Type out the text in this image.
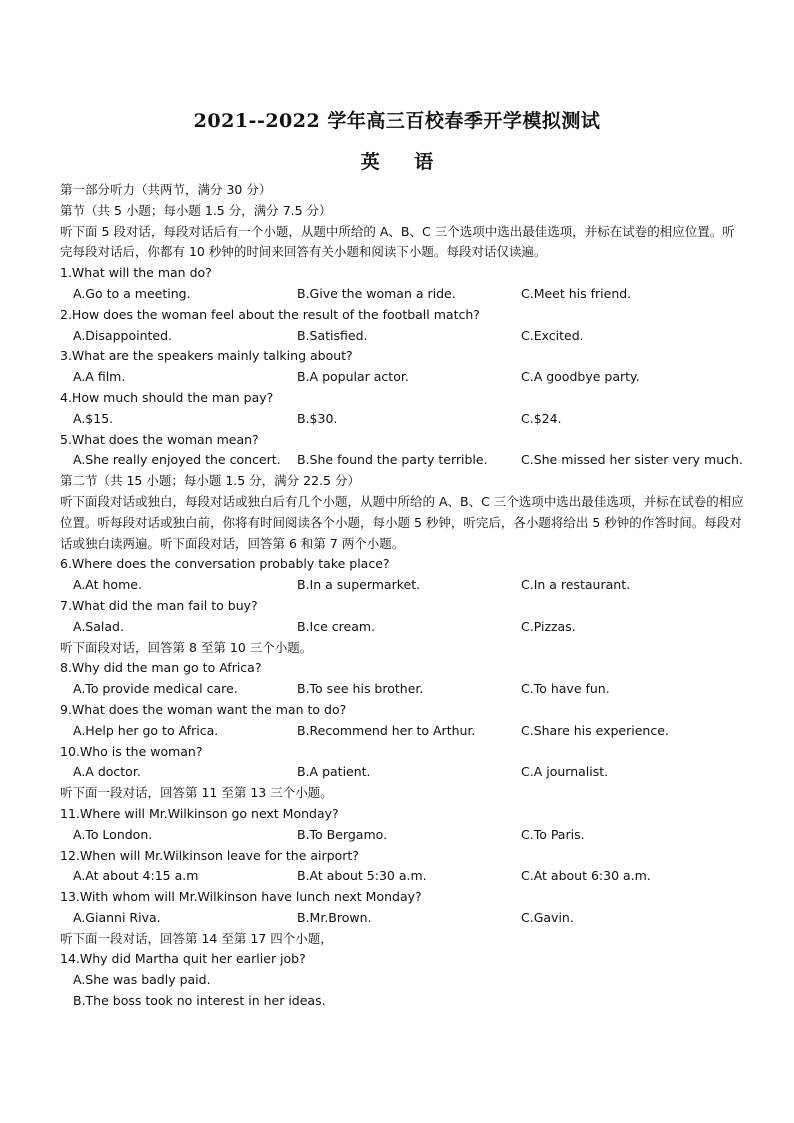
2021--2022 学年高三百校春季开学模拟测试
英 语
第一部分听力（共两节，满分 30 分）
第节（共 5 小题；每小题 1.5 分，满分 7.5 分）
听下面 5 段对话，每段对话后有一个小题，从题中所给的 A、B、C 三个选项中选出最佳选项，并标在试卷的相应位置。听完每段对话后，你都有 10 秒钟的时间来回答有关小题和阅读下小题。每段对话仅读遍。
1.What will the man do?
A.Go to a meeting.	B.Give the woman a ride.	C.Meet his friend.
2.How does the woman feel about the result of the football match?
A.Disappointed.	B.Satisfied.	C.Excited.
3.What are the speakers mainly talking about?
A.A film.	B.A popular actor.	C.A goodbye party.
4.How much should the man pay?
A.$15.	B.$30.	C.$24.
5.What does the woman mean?
A.She really enjoyed the concert. B.She found the party terrible.	C.She missed her sister very much.
第二节（共 15 小题；每小题 1.5 分，满分 22.5 分）
听下面段对话或独白，每段对话或独白后有几个小题，从题中所给的 A、B、C 三个选项中选出最佳选项，并标在试卷的相应位置。听每段对话或独白前，你将有时间阅读各个小题，每小题 5 秒钟，听完后，各小题将给出 5 秒钟的作答时间。每段对话或独白读两遍。听下面段对话，回答第 6 和第 7 两个小题。
6.Where does the conversation probably take place?
A.At home.	B.In a supermarket.	C.In a restaurant.
7.What did the man fail to buy?
A.Salad.	B.Ice cream.	C.Pizzas.
听下面段对话，回答第 8 至第 10 三个小题。
8.Why did the man go to Africa?
A.To provide medical care.	B.To see his brother.	C.To have fun.
9.What does the woman want the man to do?
A.Help her go to Africa.	B.Recommend her to Arthur.	C.Share his experience.
10.Who is the woman?
A.A doctor.	B.A patient.	C.A journalist.
听下面一段对话，回答第 11 至第 13 三个小题。
11.Where will Mr.Wilkinson go next Monday?
A.To London.	B.To Bergamo.	C.To Paris.
12.When will Mr.Wilkinson leave for the airport?
A.At about 4:15 a.m	B.At about 5:30 a.m.	C.At about 6:30 a.m.
13.With whom will Mr.Wilkinson have lunch next Monday?
A.Gianni Riva.	B.Mr.Brown.	C.Gavin.
听下面一段对话，回答第 14 至第 17 四个小题，
14.Why did Martha quit her earlier job?
A.She was badly paid.
B.The boss took no interest in her ideas.
